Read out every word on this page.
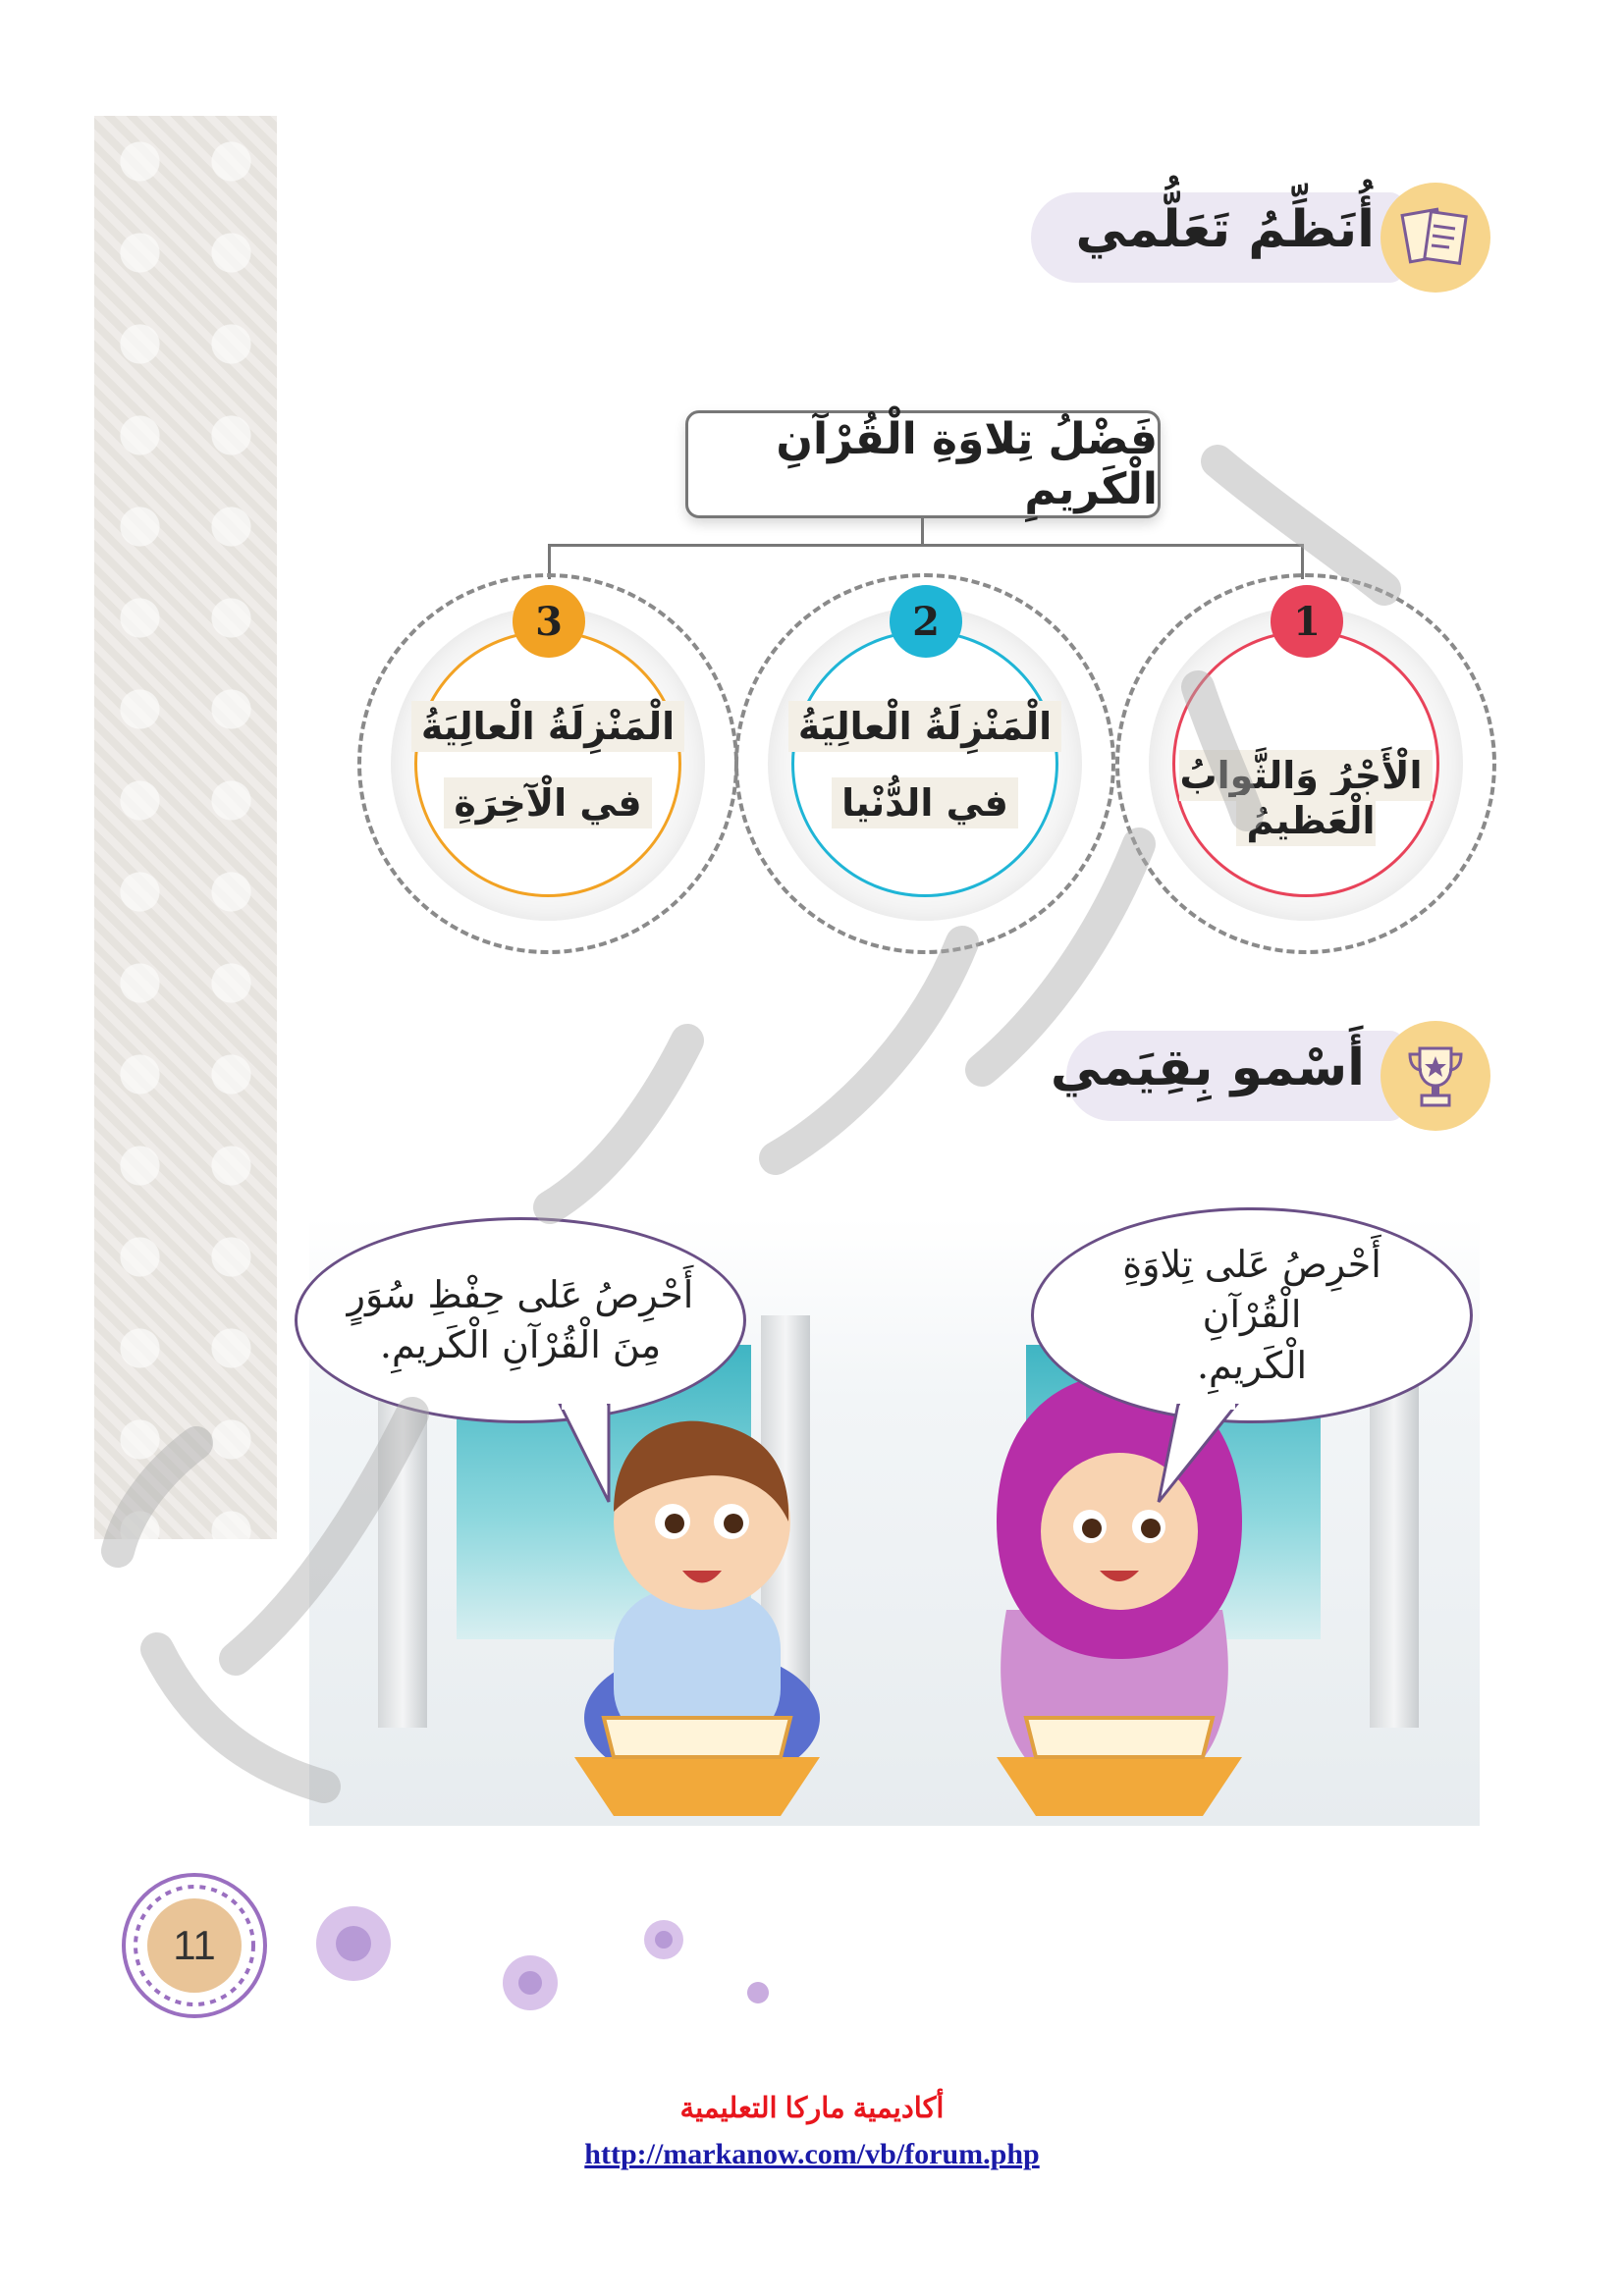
أُنَظِّمُ تَعَلُّمي
فَضْلُ تِلاوَةِ الْقُرْآنِ الْكَريمِ
1
الْأَجْرُ وَالثَّوابُ الْعَظيمُ
2
الْمَنْزِلَةُ الْعالِيَةُ
في الدُّنْيا
3
الْمَنْزِلَةُ الْعالِيَةُ
في الْآخِرَةِ
أَسْمو بِقِيَمي
أَحْرِصُ عَلى حِفْظِ سُوَرٍ
مِنَ الْقُرْآنِ الْكَريمِ.
أَحْرِصُ عَلى تِلاوَةِ الْقُرْآنِ
الْكَريمِ.
11
أكاديمية ماركا التعليمية
http://markanow.com/vb/forum.php
